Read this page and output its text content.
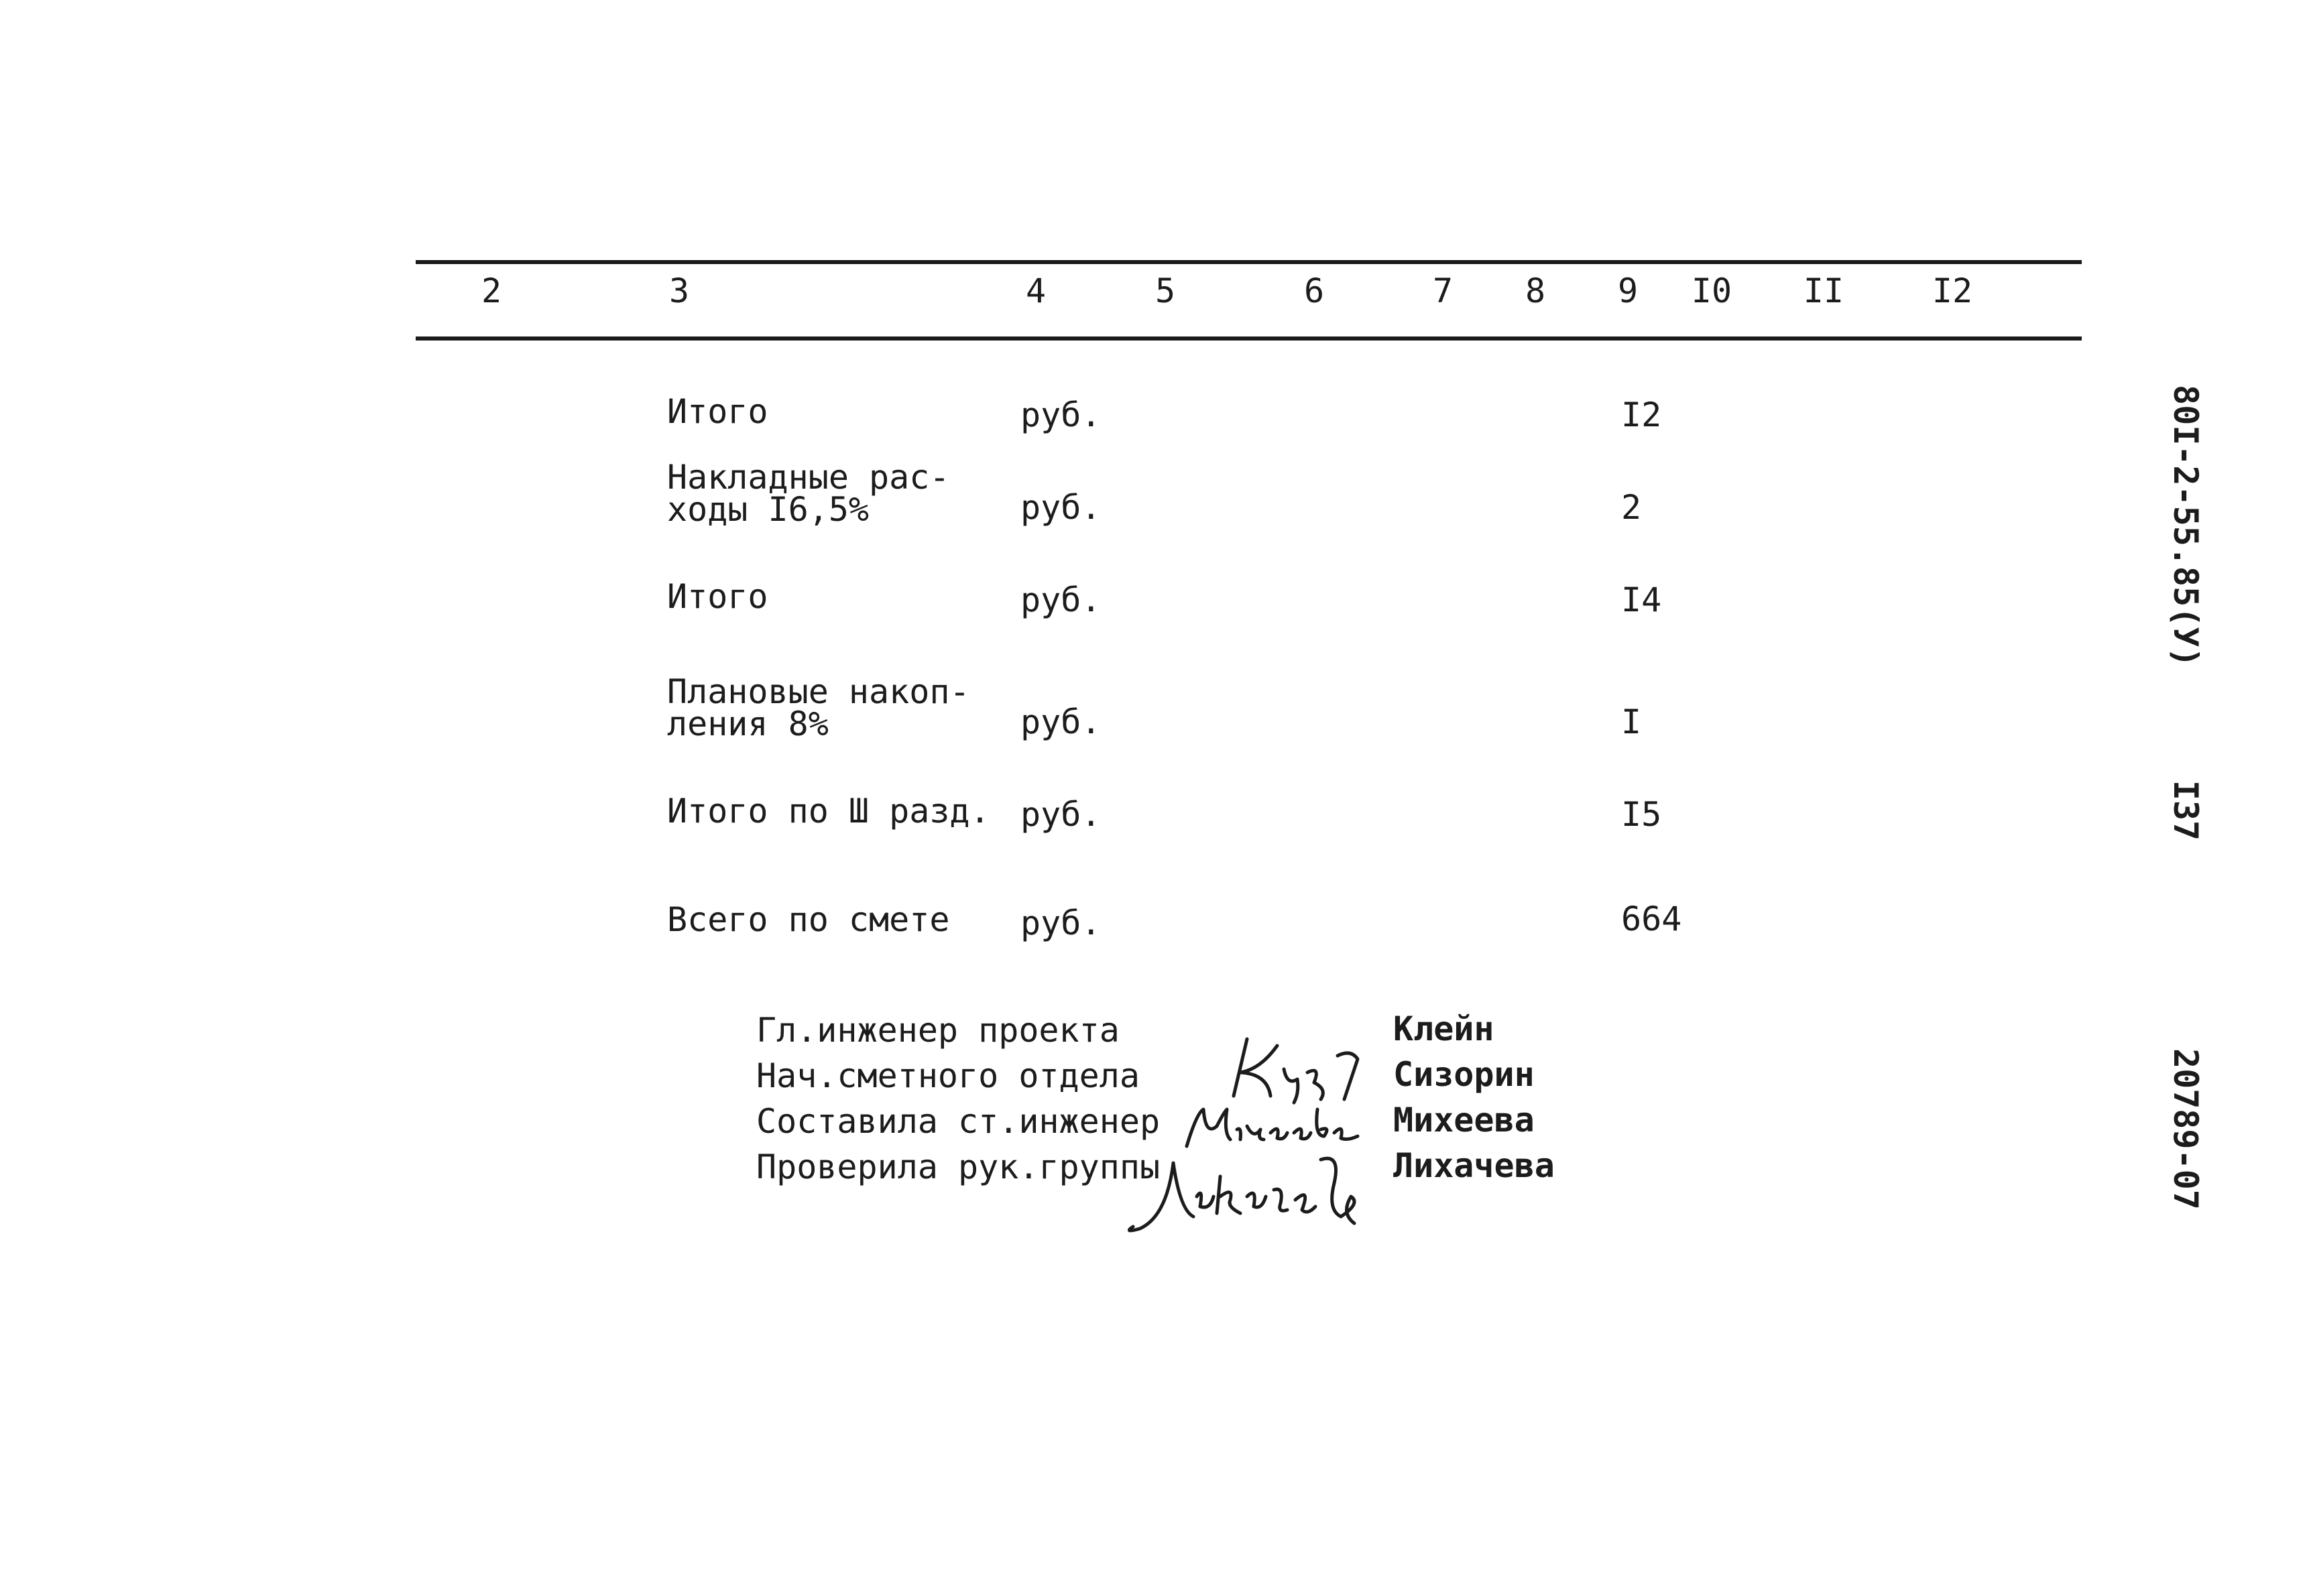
2	3	4	5	6	7 8 9 I0 II	I2
Итого	руб.	I2
Накладные рас-
ходы I6,5%	руб.	2
Итого	руб.	I4
Плановые накоп-
ления 8%	руб.	I
Итого по Ш разд. руб.	I5
Всего по смете руб.	664
Гл.инженер проекта	Клейн
Нач.сметного отдела	Сизорин
Составила ст.инженер	Михеева
Проверила рук.группы	Лихачева
80I-2-55.85(У)
I37
20789-07
